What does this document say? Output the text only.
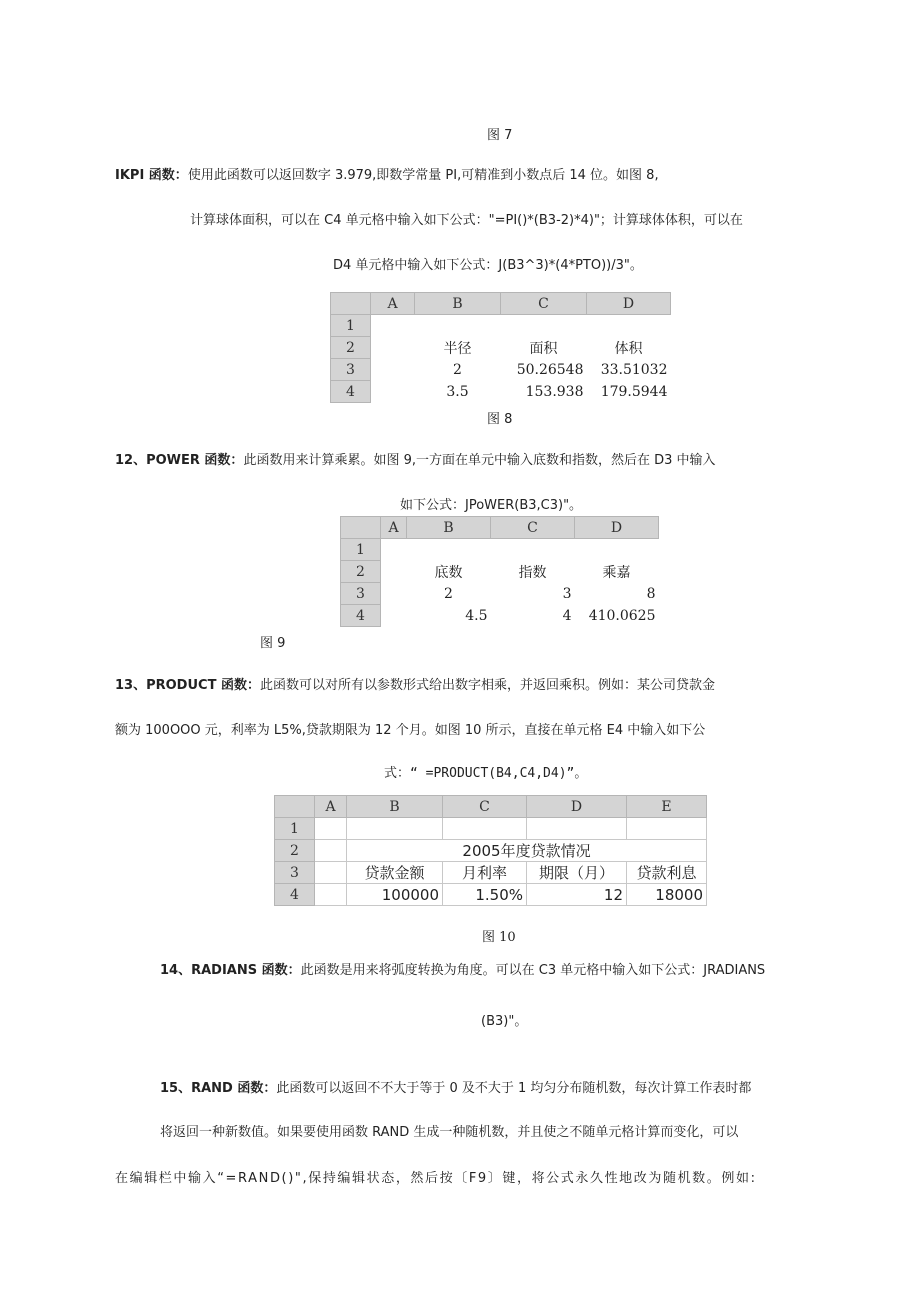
图 7
IKPI 函数：使用此函数可以返回数字 3.979,即数学常量 PI,可精准到小数点后 14 位。如图 8,
计算球体面积，可以在 C4 单元格中输入如下公式："=PI()*(B3-2)*4)"；计算球体体积，可以在
D4 单元格中输入如下公式：J(B3^3)*(4*PTO))/3"。
	A	B	C	D
1				
2		半径	面积	体积
3		2	50.26548	33.51032
4		3.5	153.938	179.5944
图 8
12、POWER 函数：此函数用来计算乘累。如图 9,一方面在单元中输入底数和指数，然后在 D3 中输入
如下公式：JPoWER(B3,C3)"。
	A	B	C	D
1				
2		底数	指数	乘嘉
3		2	3	8
4		4.5	4	410.0625
图 9
13、PRODUCT 函数：此函数可以对所有以参数形式给出数字相乘，并返回乘积。例如：某公司贷款金
额为 100OOO 元，利率为 L5%,贷款期限为 12 个月。如图 10 所示，直接在单元格 E4 中输入如下公
式：“ =PRODUCT(B4,C4,D4)”。
	A	B	C	D	E
1					
2		2005年度贷款情况			
3		贷款金额	月利率	期限（月）	贷款利息
4		100000	1.50%	12	18000
图 10
14、RADIANS 函数：此函数是用来将弧度转换为角度。可以在 C3 单元格中输入如下公式：JRADIANS
(B3)"。
15、RAND 函数：此函数可以返回不不大于等于 0 及不大于 1 均匀分布随机数，每次计算工作表时都
将返回一种新数值。如果要使用函数 RAND 生成一种随机数，并且使之不随单元格计算而变化，可以
在编辑栏中输入“=RAND()",保持编辑状态，然后按〔F9〕键，将公式永久性地改为随机数。例如:
